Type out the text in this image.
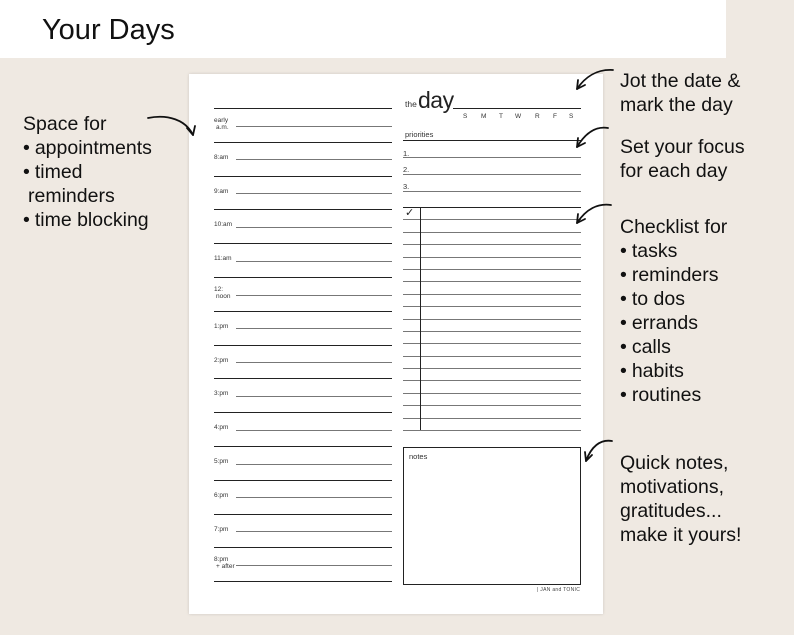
Your Days
Space for
• appointments
• timed
reminders
• time blocking
Jot the date &
mark the day
Set your focus
for each day
Checklist for
• tasks
• reminders
• to dos
• errands
• calls
• habits
• routines
Quick notes,
motivations,
gratitudes...
make it yours!
early
a.m.
8:am
9:am
10:am
11:am
12:
noon
1:pm
2:pm
3:pm
4:pm
5:pm
6:pm
7:pm
8:pm
+ after
the day
S M T W R F S
priorities
1.
2.
3.
✓
notes
| JAN and TONIC
